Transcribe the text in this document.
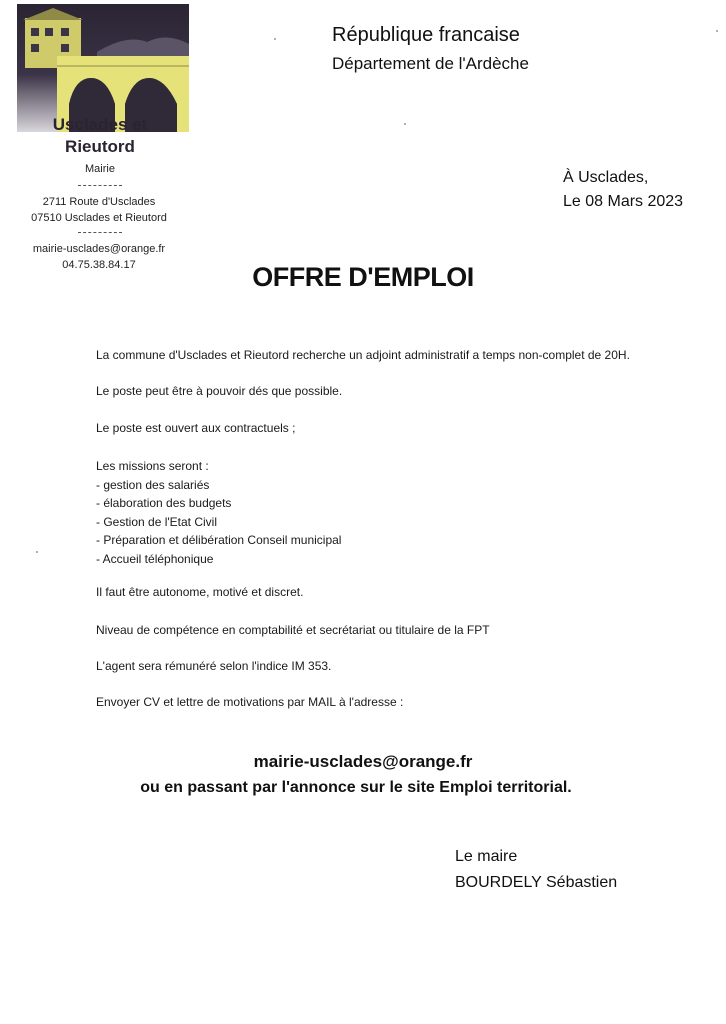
Usclades et
Rieutord
Mairie
2711 Route d'Usclades
07510 Usclades et Rieutord
mairie-usclades@orange.fr
04.75.38.84.17
République francaise
Département de l'Ardèche
À Usclades,
Le 08 Mars 2023
OFFRE D'EMPLOI
La commune d'Usclades et Rieutord recherche un adjoint administratif a temps non-complet de 20H.
Le poste peut être à pouvoir dés que possible.
Le poste est ouvert aux contractuels ;
Les missions seront :
- gestion des salariés
- élaboration des budgets
- Gestion de l'Etat Civil
- Préparation et délibération Conseil municipal
- Accueil téléphonique
Il faut être autonome, motivé et discret.
Niveau de compétence en comptabilité et secrétariat ou titulaire de la FPT
L'agent sera rémunéré selon l'indice IM 353.
Envoyer CV et lettre de motivations par MAIL à l'adresse :
mairie-usclades@orange.fr
ou en passant par l'annonce sur le site Emploi territorial.
Le maire
BOURDELY Sébastien
